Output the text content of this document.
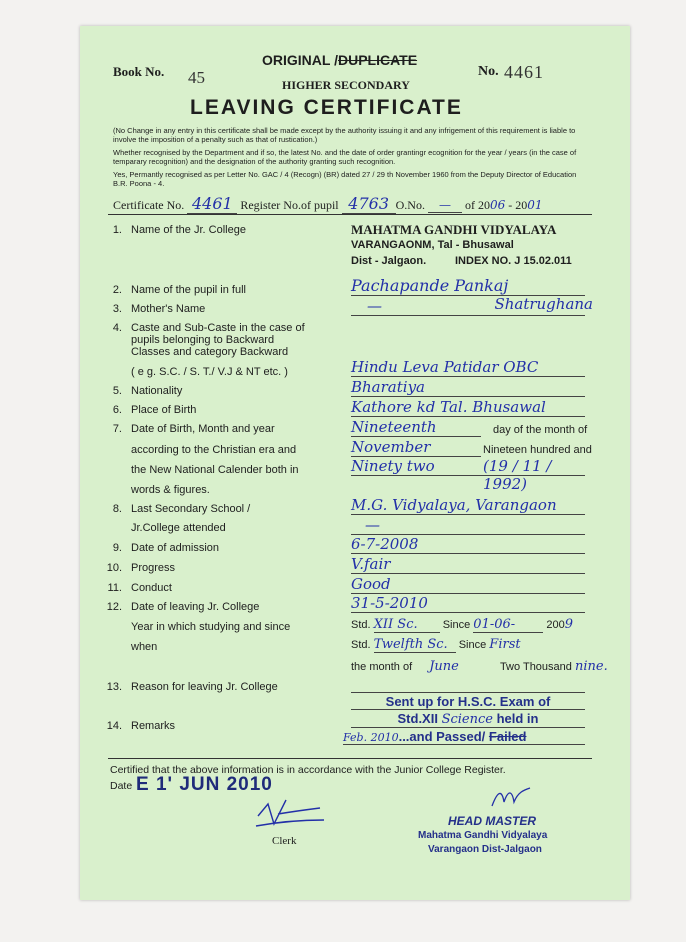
Book No. 45
ORIGINAL /DUPLICATE
HIGHER SECONDARY
No. 4461
LEAVING CERTIFICATE
(No Change in any entry in this certificate shall be made except by the authority issuing it and any infrigement of this requirement is liable to involve the imposition of a penalty such as that of rustication.)
Whether recognised by the Department and if so, the latest No. and the date of order grantingr ecognition for the year / years (in the case of temparary recognition) and the designation of the authority granting such recognition.
Yes, Permantly recognised as per Letter No. GAC / 4 (Recogn) (BR) dated 27 / 29 th November 1960 from the Deputy Director of Education B.R. Poona - 4.
Certificate No. 4461 Register No.of pupil 4763 O.No. — of 2006 - 2001
1. Name of the Jr. College	MAHATMA GANDHI VIDYALAYA
VARANGAONM, Tal - Bhusawal
Dist - Jalgaon.	INDEX NO. J 15.02.011
2. Name of the pupil in full	Pachapande Pankaj
3. Mother's Name	—	Shatrughana
4. Caste and Sub-Caste in the case of pupils belonging to Backward Classes and category Backward
( e g. S.C. / S. T./ V.J & NT etc. )	Hindu Leva Patidar OBC
5. Nationality	Bharatiya
6. Place of Birth	Kathore kd Tal. Bhusawal
7. Date of Birth, Month and year
according to the Christian era and
the New National Calender both in
words & figures.
Nineteenth	day of the month of
November	Nineteen hundred and
Ninety two	(19 / 11 / 1992)
8. Last Secondary School /
Jr.College attended
M.G. Vidyalaya, Varangaon
—
9. Date of admission	6-7-2008
10. Progress	V.fair
11. Conduct	Good
12. Date of leaving Jr. College
Year in which studying and since
when
31-5-2010
Std. XII Sc. Since 01-06-	2009
Std. Twelfth Sc. Since First
the month of June	Two Thousand nine.
13. Reason for leaving Jr. College
Sent up for H.S.C. Exam of
14. Remarks	Std.XII Science held in
Feb. 2010...and Passed/ Failed
Certified that the above information is in accordance with the Junior College Register.
Date E 1' JUN 2010
Clerk
HEAD MASTER
Mahatma Gandhi Vidyalaya
Varangaon Dist-Jalgaon
